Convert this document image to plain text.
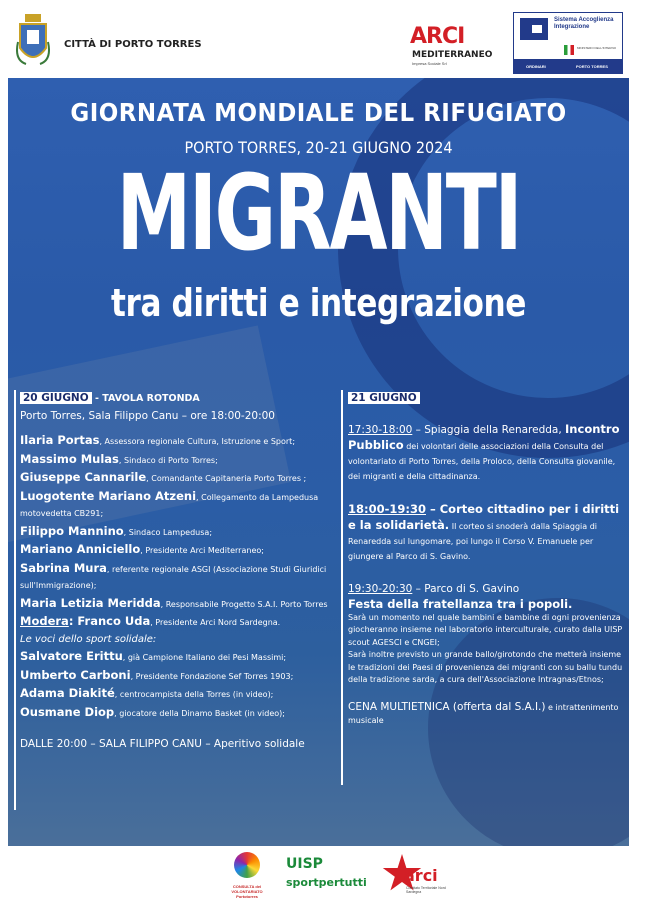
CITTÀ DI PORTO TORRES	ARCI
MEDITERRANEO
Impresa Sociale Srl
Sistema Accoglienza Integrazione
MINISTERO DELL'INTERNO
ORDINARI	PORTO TORRES
GIORNATA MONDIALE DEL RIFUGIATO
PORTO TORRES, 20-21 GIUGNO 2024
MIGRANTI
tra diritti e integrazione
20 GIUGNO - TAVOLA ROTONDA
Porto Torres, Sala Filippo Canu – ore 18:00-20:00
Ilaria Portas, Assessora regionale Cultura, Istruzione e Sport;
Massimo Mulas, Sindaco di Porto Torres;
Giuseppe Cannarile, Comandante Capitaneria Porto Torres ;
Luogotente Mariano Atzeni, Collegamento da Lampedusa motovedetta CB291;
Filippo Mannino, Sindaco Lampedusa;
Mariano Anniciello, Presidente Arci Mediterraneo;
Sabrina Mura, referente regionale ASGI (Associazione Studi Giuridici sull'Immigrazione);
Maria Letizia Meridda, Responsabile Progetto S.A.I. Porto Torres
Modera: Franco Uda, Presidente Arci Nord Sardegna.
Le voci dello sport solidale:
Salvatore Erittu, già Campione Italiano dei Pesi Massimi;
Umberto Carboni, Presidente Fondazione Sef Torres 1903;
Adama Diakité, centrocampista della Torres (in video);
Ousmane Diop, giocatore della Dinamo Basket (in video);
DALLE 20:00 – SALA FILIPPO CANU – Aperitivo solidale
21 GIUGNO
17:30-18:00 – Spiaggia della Renaredda, Incontro Pubblico dei volontari delle associazioni della Consulta del volontariato di Porto Torres, della Proloco, della Consulta giovanile, dei migranti e della cittadinanza.
18:00-19:30 – Corteo cittadino per i diritti e la solidarietà. Il corteo si snoderà dalla Spiaggia di Renaredda sul lungomare, poi lungo il Corso V. Emanuele per giungere al Parco di S. Gavino.
19:30-20:30 – Parco di S. Gavino
Festa della fratellanza tra i popoli.
Sarà un momento nel quale bambini e bambine di ogni provenienza giocheranno insieme nel laboratorio interculturale, curato dalla UISP scout AGESCI e CNGEI;
Sarà inoltre previsto un grande ballo/girotondo che metterà insieme le tradizioni dei Paesi di provenienza dei migranti con su ballu tundu della tradizione sarda, a cura dell'Associazione Intragnas/Etnos;
CENA MULTIETNICA (offerta dal S.A.I.) e intrattenimento musicale
CONSULTA del VOLONTARIATO Portotorres
UISP
sportpertutti arci
Comitato Territoriale Nord Sardegna
